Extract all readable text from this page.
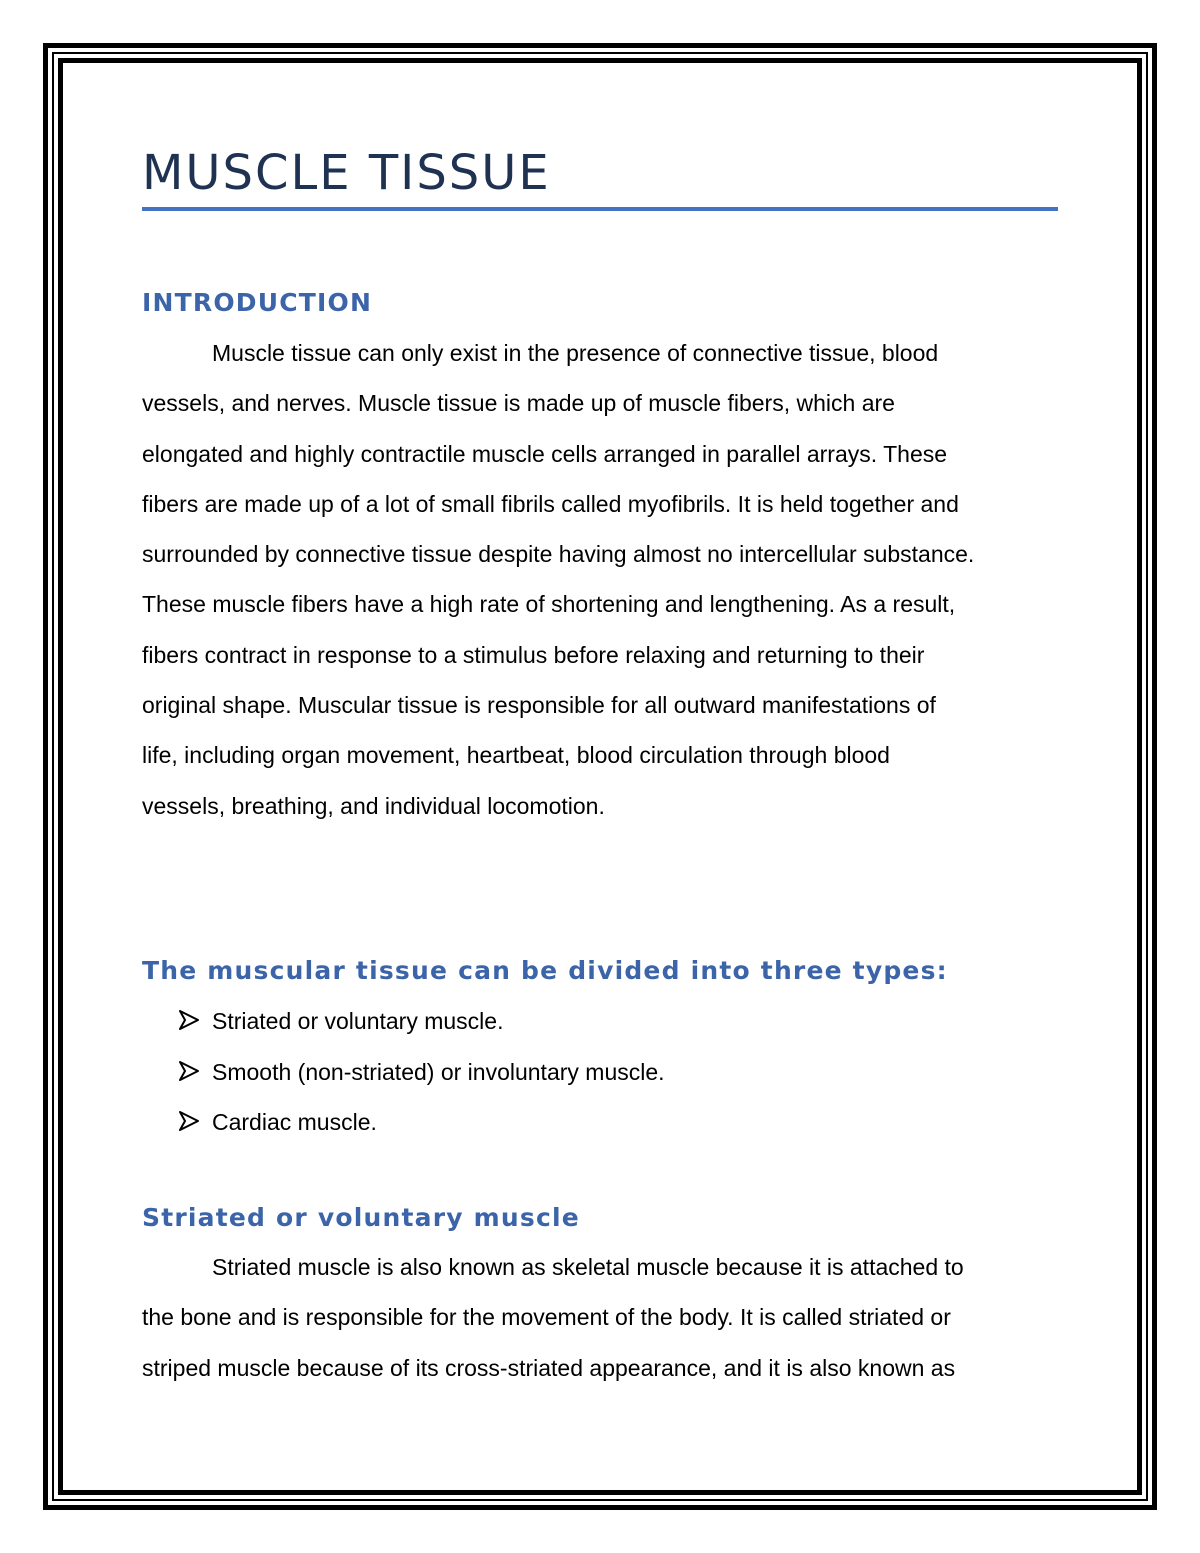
MUSCLE TISSUE
INTRODUCTION

Muscle tissue can only exist in the presence of connective tissue, blood
vessels, and nerves. Muscle tissue is made up of muscle fibers, which are
elongated and highly contractile muscle cells arranged in parallel arrays. These
fibers are made up of a lot of small fibrils called myofibrils. It is held together and
surrounded by connective tissue despite having almost no intercellular substance.
These muscle fibers have a high rate of shortening and lengthening. As a result,
fibers contract in response to a stimulus before relaxing and returning to their
original shape. Muscular tissue is responsible for all outward manifestations of
life, including organ movement, heartbeat, blood circulation through blood
vessels, breathing, and individual locomotion.

The muscular tissue can be divided into three types:
Striated or voluntary muscle.
Smooth (non-striated) or involuntary muscle.
Cardiac muscle.
Striated or voluntary muscle

Striated muscle is also known as skeletal muscle because it is attached to
the bone and is responsible for the movement of the body. It is called striated or
striped muscle because of its cross-striated appearance, and it is also known as
